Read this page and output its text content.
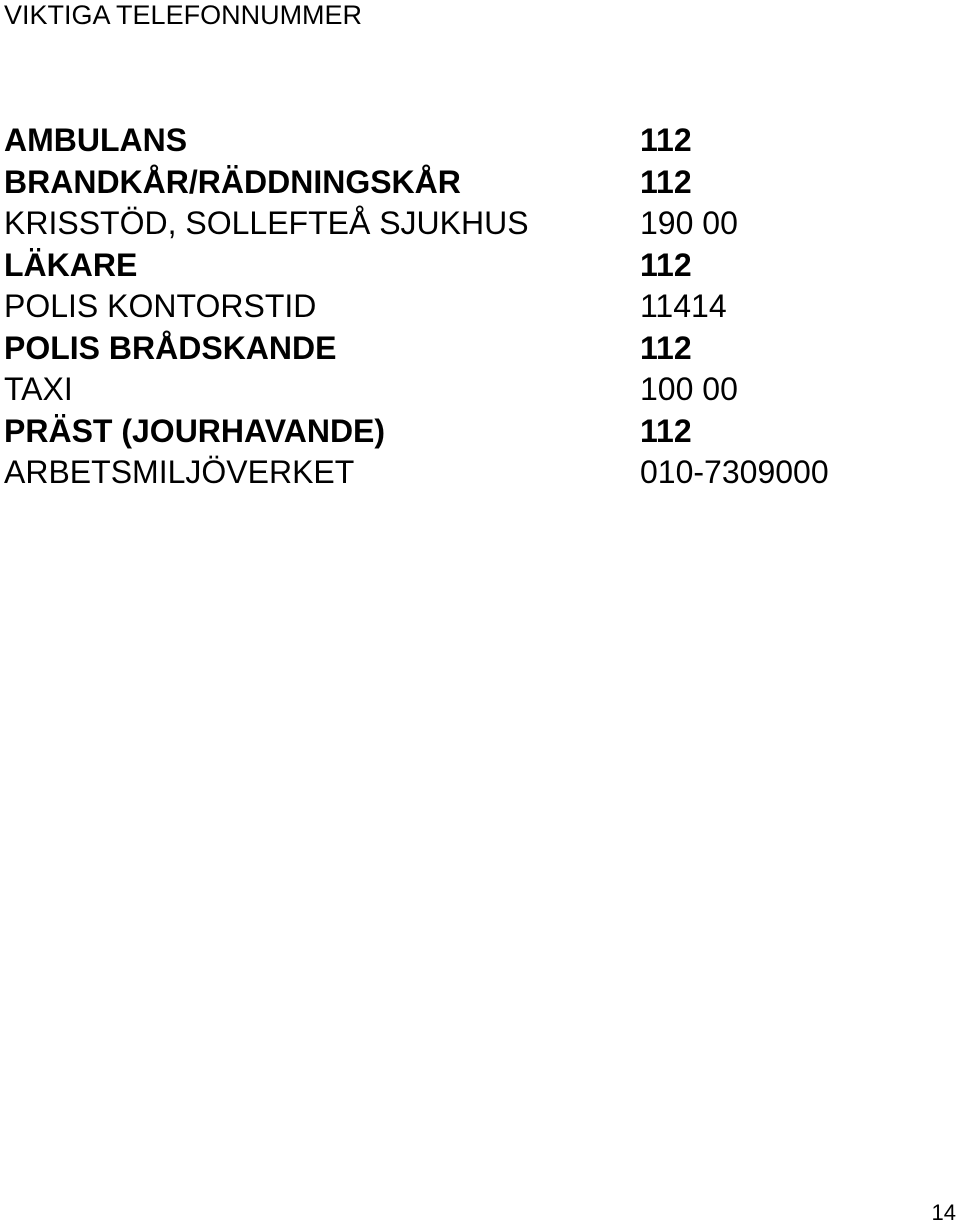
VIKTIGA TELEFONNUMMER
AMBULANS	112
BRANDKÅR/RÄDDNINGSKÅR	112
KRISSTÖD, SOLLEFTEÅ SJUKHUS	190 00
LÄKARE	112
POLIS KONTORSTID	11414
POLIS BRÅDSKANDE	112
TAXI	100 00
PRÄST (JOURHAVANDE)	112
ARBETSMILJÖVERKET	010-7309000
14
